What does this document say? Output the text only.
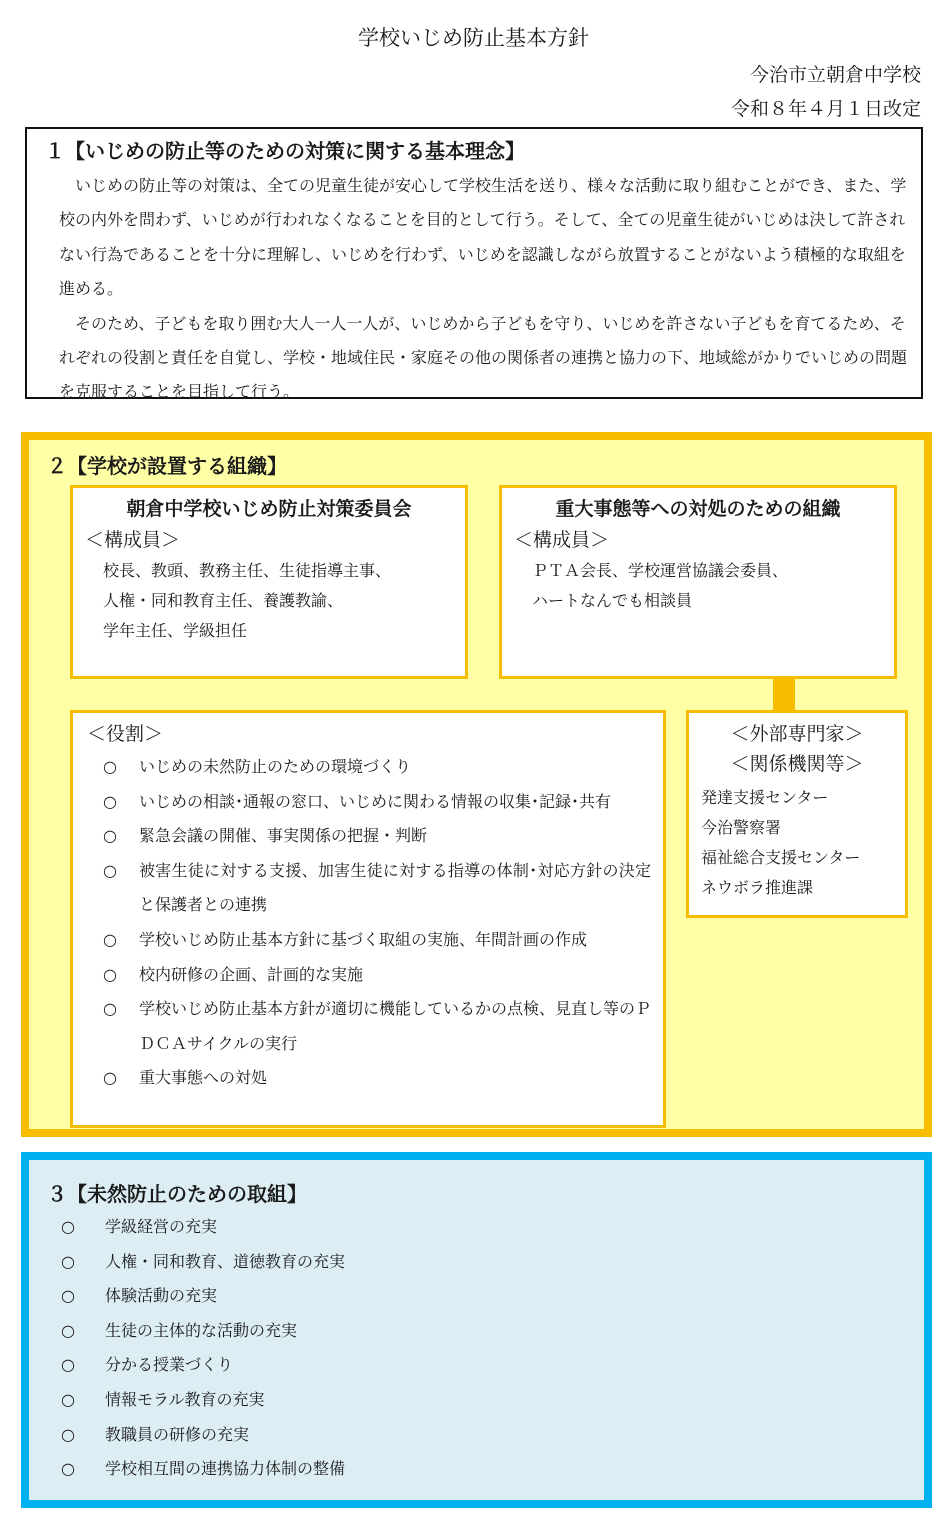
学校いじめ防止基本方針
今治市立朝倉中学校
令和８年４月１日改定
１【いじめの防止等のための対策に関する基本理念】

いじめの防止等の対策は、全ての児童生徒が安心して学校生活を送り、様々な活動に取り組むことができ、また、学校の内外を問わず、いじめが行われなくなることを目的として行う。そして、全ての児童生徒がいじめは決して許されない行為であることを十分に理解し、いじめを行わず、いじめを認識しながら放置することがないよう積極的な取組を進める。

そのため、子どもを取り囲む大人一人一人が、いじめから子どもを守り、いじめを許さない子どもを育てるため、それぞれの役割と責任を自覚し、学校・地域住民・家庭その他の関係者の連携と協力の下、地域総がかりでいじめの問題を克服することを目指して行う。

２【学校が設置する組織】
朝倉中学校いじめ防止対策委員会
＜構成員＞
校長、教頭、教務主任、生徒指導主事、
人権・同和教育主任、養護教諭、
学年主任、学級担任
重大事態等への対処のための組織
＜構成員＞
ＰＴＡ会長、学校運営協議会委員、
ハートなんでも相談員
＜役割＞
○	いじめの未然防止のための環境づくり
○	いじめの相談･通報の窓口、いじめに関わる情報の収集･記録･共有
○	緊急会議の開催、事実関係の把握・判断
○	被害生徒に対する支援、加害生徒に対する指導の体制･対応方針の決定と保護者との連携
○	学校いじめ防止基本方針に基づく取組の実施、年間計画の作成
○	校内研修の企画、計画的な実施
○	学校いじめ防止基本方針が適切に機能しているかの点検、見直し等のＰＤＣＡサイクルの実行
○	重大事態への対処
＜外部専門家＞
＜関係機関等＞
発達支援センター
今治警察署
福祉総合支援センター
ネウボラ推進課
３【未然防止のための取組】
○	学級経営の充実
○	人権・同和教育、道徳教育の充実
○	体験活動の充実
○	生徒の主体的な活動の充実
○	分かる授業づくり
○	情報モラル教育の充実
○	教職員の研修の充実
○	学校相互間の連携協力体制の整備
